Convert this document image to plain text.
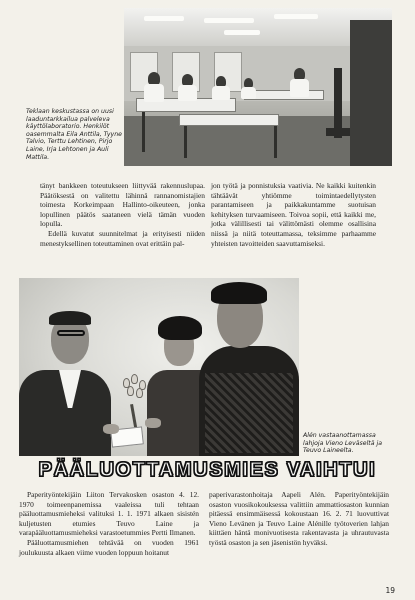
Teklaan keskustassa on uusi laaduntarkkailua palveleva käyttölaboratorio. Henkilöt oasemmalta Eila Anttila, Tyyne Talvio, Terttu Lehtinen, Pirjo Laine, Irja Lehtonen ja Auli Mattila.

tänyt bankkeen toteutukseen liittyvää rakennuslupaa. Päätöksestä on valitettu lähinnä rannanomistajien toimesta Korkeimpaan Hallinto-oikeuteen, jonka lopullinen päätös saataneen vielä tämän vuoden lopulla.

Edellä kuvatut suunnitelmat ja erityisesti niiden menestyksellinen toteuttaminen ovat erittäin pal-

jon työtä ja ponnistuksia vaativia. Ne kaikki kuitenkin tähtäävät yhtiömme toimintaedellytysten parantamiseen ja paikkakuntamme suotuisan kehityksen turvaamiseen. Toivoa sopii, että kaikki me, jotka välillisesti tai välittömästi olemme osallisina niissä ja niitä toteuttamassa, teksimme parhaamme yhteisten tavoitteiden saavuttamiseksi.

Alén vastaanottamassa lahjoja Vieno Leväseltä ja Teuvo Laineelta.
PÄÄLUOTTAMUSMIES VAIHTUI

Paperityöntekijäin Liiton Tervakosken osaston 4. 12. 1970 toimeenpanemissa vaaleissa tuli tehtaan pääluottamusmieheksi valituksi 1. 1. 1971 alkaen sisistén kuljetusten etumies Teuvo Laine ja varapääluottamusmieheksi varastoetummies Pertti Ilmanen.

Pääluottamusmiehen tehtävää on vuoden 1961 joulukuusta alkaen viime vuoden loppuun hoitanut

paperivarastonhoitaja Aapeli Alén. Paperityöntekijäin osaston vuosikokouksessa valittiin ammattiosaston kunnian pitäessä ensimmäisessä kokoustaan 16. 2. 71 luovuttivat Vieno Levänen ja Teuvo Laine Alénille työtoverien lahjan kiittäen häntä monivuotisesta rakentavasta ja uhrautuvasta työstä osaston ja sen jäsenistön hyväksi.

19
